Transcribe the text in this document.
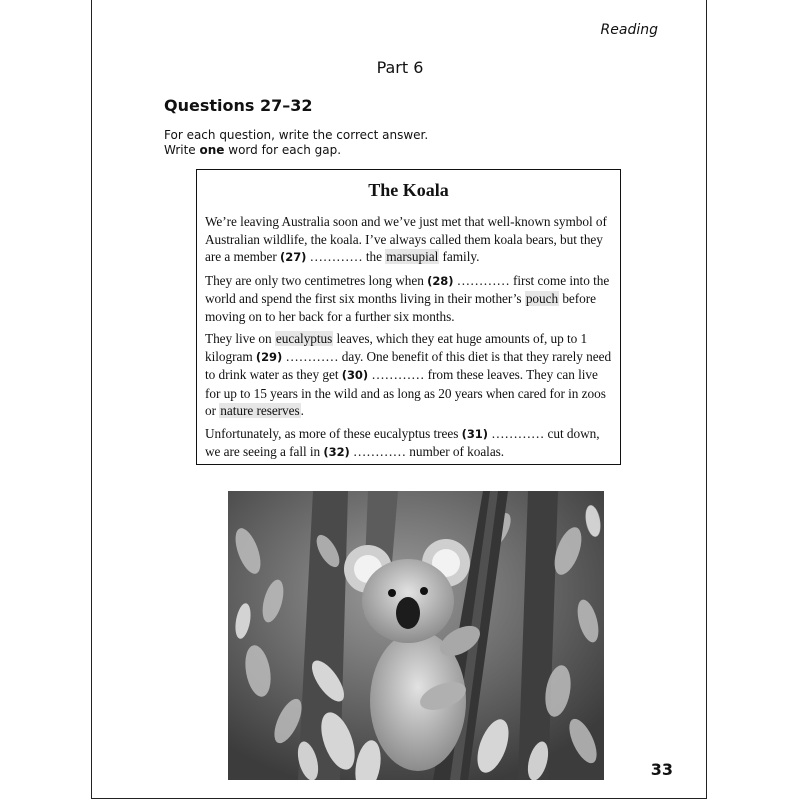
Reading
Part 6
Questions 27–32
For each question, write the correct answer.
Write one word for each gap.
The Koala

We’re leaving Australia soon and we’ve just met that well-known symbol of Australian wildlife, the koala. I’ve always called them koala bears, but they are a member (27) ………… the marsupial family.

They are only two centimetres long when (28) ………… first come into the world and spend the first six months living in their mother’s pouch before moving on to her back for a further six months.

They live on eucalyptus leaves, which they eat huge amounts of, up to 1 kilogram (29) ………… day. One benefit of this diet is that they rarely need to drink water as they get (30) ………… from these leaves. They can live for up to 15 years in the wild and as long as 20 years when cared for in zoos or nature reserves.

Unfortunately, as more of these eucalyptus trees (31) ………… cut down, we are seeing a fall in (32) ………… number of koalas.

33
